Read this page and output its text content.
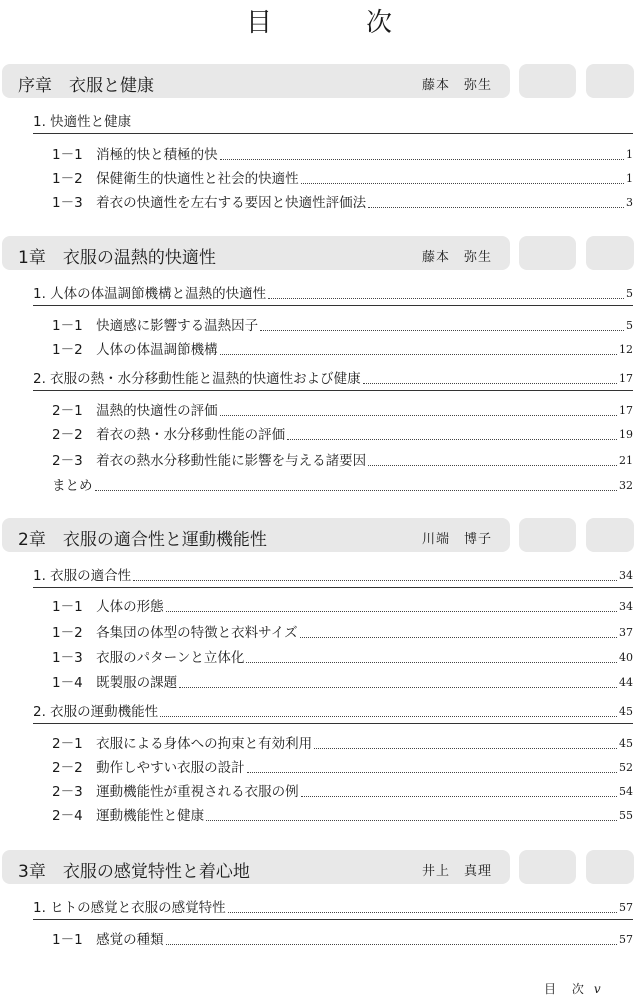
目　次
序章　衣服と健康	藤本　弥生
1. 快適性と健康
1－1　消極的快と積極的快	1
1－2　保健衛生的快適性と社会的快適性	1
1－3　着衣の快適性を左右する要因と快適性評価法	3
1章　衣服の温熱的快適性	藤本　弥生
1. 人体の体温調節機構と温熱的快適性	5
1－1　快適感に影響する温熱因子	5
1－2　人体の体温調節機構	12
2. 衣服の熱・水分移動性能と温熱的快適性および健康	17
2－1　温熱的快適性の評価	17
2－2　着衣の熱・水分移動性能の評価	19
2－3　着衣の熱水分移動性能に影響を与える諸要因	21
まとめ	32
2章　衣服の適合性と運動機能性	川端　博子
1. 衣服の適合性	34
1－1　人体の形態	34
1－2　各集団の体型の特徴と衣料サイズ	37
1－3　衣服のパターンと立体化	40
1－4　既製服の課題	44
2. 衣服の運動機能性	45
2－1　衣服による身体への拘束と有効利用	45
2－2　動作しやすい衣服の設計	52
2－3　運動機能性が重視される衣服の例	54
2－4　運動機能性と健康	55
3章　衣服の感覚特性と着心地	井上　真理
1. ヒトの感覚と衣服の感覚特性	57
1－1　感覚の種類	57
目 次 v
